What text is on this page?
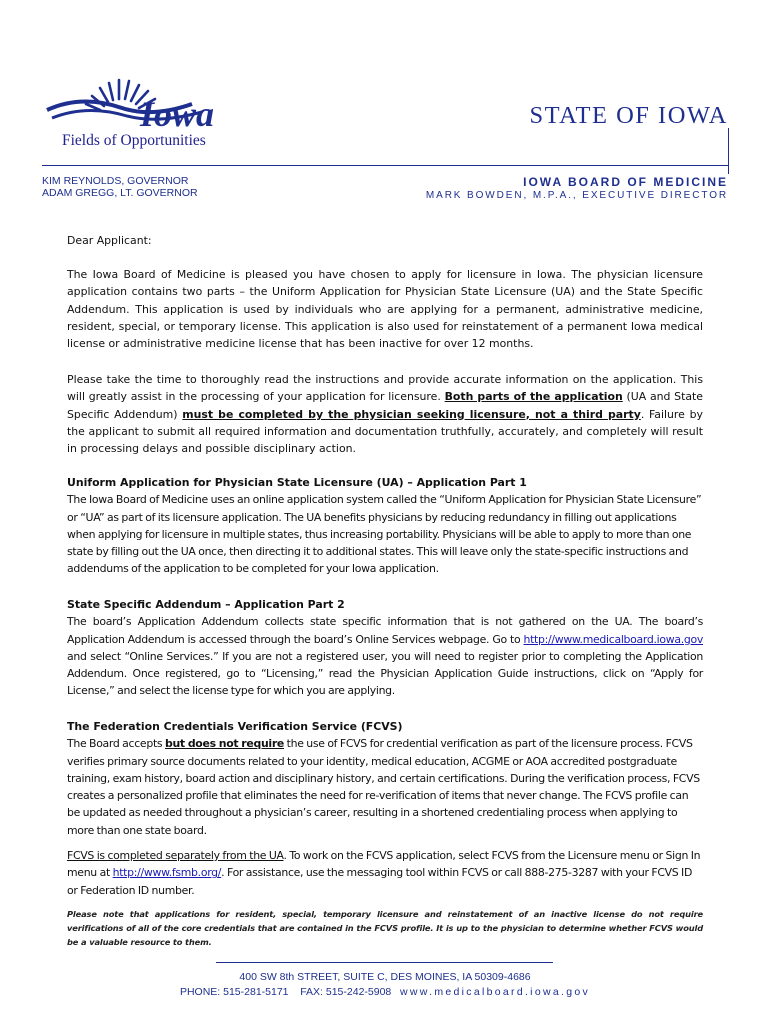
Iowa
Fields of Opportunities
STATE OF IOWA
KIM REYNOLDS, GOVERNOR
ADAM GREGG, LT. GOVERNOR
IOWA BOARD OF MEDICINE
MARK BOWDEN, M.P.A., EXECUTIVE DIRECTOR
Dear Applicant:
The Iowa Board of Medicine is pleased you have chosen to apply for licensure in Iowa. The physician licensure application contains two parts – the Uniform Application for Physician State Licensure (UA) and the State Specific Addendum. This application is used by individuals who are applying for a permanent, administrative medicine, resident, special, or temporary license. This application is also used for reinstatement of a permanent Iowa medical license or administrative medicine license that has been inactive for over 12 months.
Please take the time to thoroughly read the instructions and provide accurate information on the application. This will greatly assist in the processing of your application for licensure. Both parts of the application (UA and State Specific Addendum) must be completed by the physician seeking licensure, not a third party. Failure by the applicant to submit all required information and documentation truthfully, accurately, and completely will result in processing delays and possible disciplinary action.
Uniform Application for Physician State Licensure (UA) – Application Part 1
The Iowa Board of Medicine uses an online application system called the “Uniform Application for Physician State Licensure” or “UA” as part of its licensure application. The UA benefits physicians by reducing redundancy in filling out applications when applying for licensure in multiple states, thus increasing portability. Physicians will be able to apply to more than one state by filling out the UA once, then directing it to additional states. This will leave only the state-specific instructions and addendums of the application to be completed for your Iowa application.
State Specific Addendum – Application Part 2
The board’s Application Addendum collects state specific information that is not gathered on the UA. The board’s Application Addendum is accessed through the board’s Online Services webpage. Go to http://www.medicalboard.iowa.gov and select “Online Services.” If you are not a registered user, you will need to register prior to completing the Application Addendum. Once registered, go to “Licensing,” read the Physician Application Guide instructions, click on “Apply for License,” and select the license type for which you are applying.
The Federation Credentials Verification Service (FCVS)
The Board accepts but does not require the use of FCVS for credential verification as part of the licensure process. FCVS verifies primary source documents related to your identity, medical education, ACGME or AOA accredited postgraduate training, exam history, board action and disciplinary history, and certain certifications. During the verification process, FCVS creates a personalized profile that eliminates the need for re-verification of items that never change. The FCVS profile can be updated as needed throughout a physician’s career, resulting in a shortened credentialing process when applying to more than one state board.
FCVS is completed separately from the UA. To work on the FCVS application, select FCVS from the Licensure menu or Sign In menu at http://www.fsmb.org/. For assistance, use the messaging tool within FCVS or call 888-275-3287 with your FCVS ID or Federation ID number.
Please note that applications for resident, special, temporary licensure and reinstatement of an inactive license do not require verifications of all of the core credentials that are contained in the FCVS profile. It is up to the physician to determine whether FCVS would be a valuable resource to them.
400 SW 8th STREET, SUITE C, DES MOINES, IA 50309-4686
PHONE: 515-281-5171 FAX: 515-242-5908 www.medicalboard.iowa.gov
